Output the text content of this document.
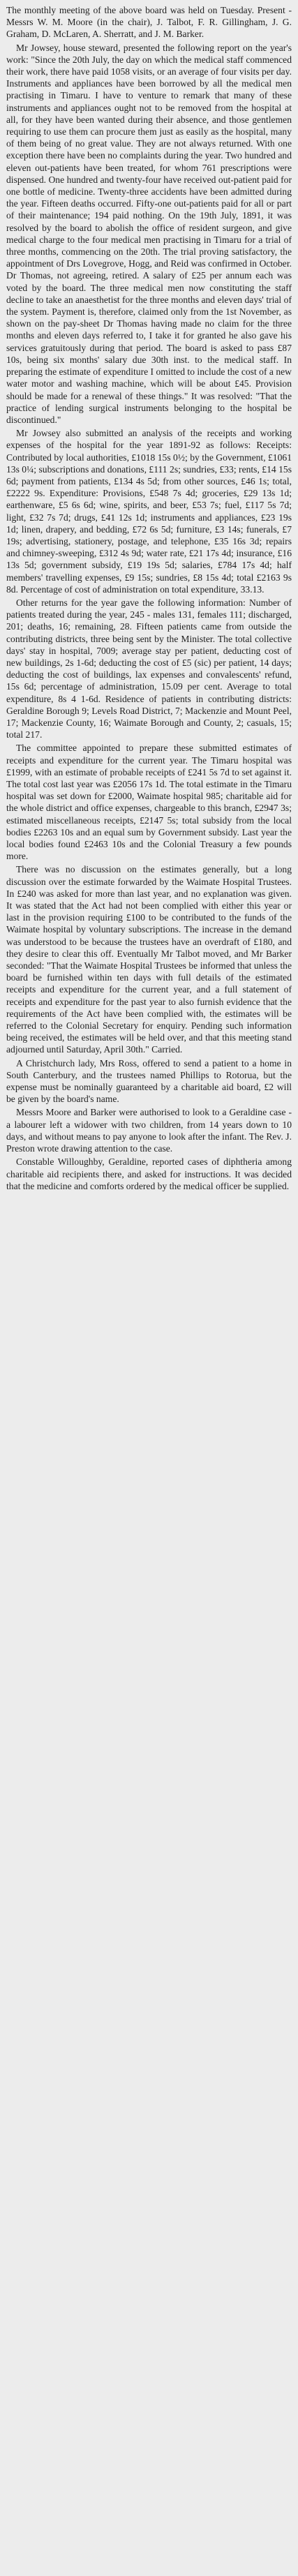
The monthly meeting of the above board was held on Tuesday. Present - Messrs W. M. Moore (in the chair), J. Talbot, F. R. Gillingham, J. G. Graham, D. McLaren, A. Sherratt, and J. M. Barker.

Mr Jowsey, house steward, presented the following report on the year's work: "Since the 20th July, the day on which the medical staff commenced their work, there have paid 1058 visits, or an average of four visits per day. Instruments and appliances have been borrowed by all the medical men practising in Timaru. I have to venture to remark that many of these instruments and appliances ought not to be removed from the hospital at all, for they have been wanted during their absence, and those gentlemen requiring to use them can procure them just as easily as the hospital, many of them being of no great value. They are not always returned. With one exception there have been no complaints during the year. Two hundred and eleven out-patients have been treated, for whom 761 prescriptions were dispensed. One hundred and twenty-four have received out-patient paid for one bottle of medicine. Twenty-three accidents have been admitted during the year. Fifteen deaths occurred. Fifty-one out-patients paid for all or part of their maintenance; 194 paid nothing. On the 19th July, 1891, it was resolved by the board to abolish the office of resident surgeon, and give medical charge to the four medical men practising in Timaru for a trial of three months, commencing on the 20th. The trial proving satisfactory, the appointment of Drs Lovegrove, Hogg, and Reid was confirmed in October. Dr Thomas, not agreeing, retired. A salary of £25 per annum each was voted by the board. The three medical men now constituting the staff decline to take an anaesthetist for the three months and eleven days' trial of the system. Payment is, therefore, claimed only from the 1st November, as shown on the pay-sheet Dr Thomas having made no claim for the three months and eleven days referred to, I take it for granted he also gave his services gratuitously during that period. The board is asked to pass £87 10s, being six months' salary due 30th inst. to the medical staff. In preparing the estimate of expenditure I omitted to include the cost of a new water motor and washing machine, which will be about £45. Provision should be made for a renewal of these things." It was resolved: "That the practice of lending surgical instruments belonging to the hospital be discontinued."

Mr Jowsey also submitted an analysis of the receipts and working expenses of the hospital for the year 1891-92 as follows: Receipts: Contributed by local authorities, £1018 15s 0½; by the Government, £1061 13s 0¼; subscriptions and donations, £111 2s; sundries, £33; rents, £14 15s 6d; payment from patients, £134 4s 5d; from other sources, £46 1s; total, £2222 9s. Expenditure: Provisions, £548 7s 4d; groceries, £29 13s 1d; earthenware, £5 6s 6d; wine, spirits, and beer, £53 7s; fuel, £117 5s 7d; light, £32 7s 7d; drugs, £41 12s 1d; instruments and appliances, £23 19s 1d; linen, drapery, and bedding, £72 6s 5d; furniture, £3 14s; funerals, £7 19s; advertising, stationery, postage, and telephone, £35 16s 3d; repairs and chimney-sweeping, £312 4s 9d; water rate, £21 17s 4d; insurance, £16 13s 5d; government subsidy, £19 19s 5d; salaries, £784 17s 4d; half members' travelling expenses, £9 15s; sundries, £8 15s 4d; total £2163 9s 8d. Percentage of cost of administration on total expenditure, 33.13.

Other returns for the year gave the following information: Number of patients treated during the year, 245 - males 131, females 111; discharged, 201; deaths, 16; remaining, 28. Fifteen patients came from outside the contributing districts, three being sent by the Minister. The total collective days' stay in hospital, 7009; average stay per patient, deducting cost of new buildings, 2s 1-6d; deducting the cost of £5 (sic) per patient, 14 days; deducting the cost of buildings, lax expenses and convalescents' refund, 15s 6d; percentage of administration, 15.09 per cent. Average to total expenditure, 8s 4 1-6d. Residence of patients in contributing districts: Geraldine Borough 9; Levels Road District, 7; Mackenzie and Mount Peel, 17; Mackenzie County, 16; Waimate Borough and County, 2; casuals, 15; total 217.

The committee appointed to prepare these submitted estimates of receipts and expenditure for the current year. The Timaru hospital was £1999, with an estimate of probable receipts of £241 5s 7d to set against it. The total cost last year was £2056 17s 1d. The total estimate in the Timaru hospital was set down for £2000, Waimate hospital 985; charitable aid for the whole district and office expenses, chargeable to this branch, £2947 3s; estimated miscellaneous receipts, £2147 5s; total subsidy from the local bodies £2263 10s and an equal sum by Government subsidy. Last year the local bodies found £2463 10s and the Colonial Treasury a few pounds more.

There was no discussion on the estimates generally, but a long discussion over the estimate forwarded by the Waimate Hospital Trustees. In £240 was asked for more than last year, and no explanation was given. It was stated that the Act had not been complied with either this year or last in the provision requiring £100 to be contributed to the funds of the Waimate hospital by voluntary subscriptions. The increase in the demand was understood to be because the trustees have an overdraft of £180, and they desire to clear this off. Eventually Mr Talbot moved, and Mr Barker seconded: "That the Waimate Hospital Trustees be informed that unless the board be furnished within ten days with full details of the estimated receipts and expenditure for the current year, and a full statement of receipts and expenditure for the past year to also furnish evidence that the requirements of the Act have been complied with, the estimates will be referred to the Colonial Secretary for enquiry. Pending such information being received, the estimates will be held over, and that this meeting stand adjourned until Saturday, April 30th." Carried.

A Christchurch lady, Mrs Ross, offered to send a patient to a home in South Canterbury, and the trustees named Phillips to Rotorua, but the expense must be nominally guaranteed by a charitable aid board, £2 will be given by the board's name.

Messrs Moore and Barker were authorised to look to a Geraldine case - a labourer left a widower with two children, from 14 years down to 10 days, and without means to pay anyone to look after the infant. The Rev. J. Preston wrote drawing attention to the case.

Constable Willoughby, Geraldine, reported cases of diphtheria among charitable aid recipients there, and asked for instructions. It was decided that the medicine and comforts ordered by the medical officer be supplied.
